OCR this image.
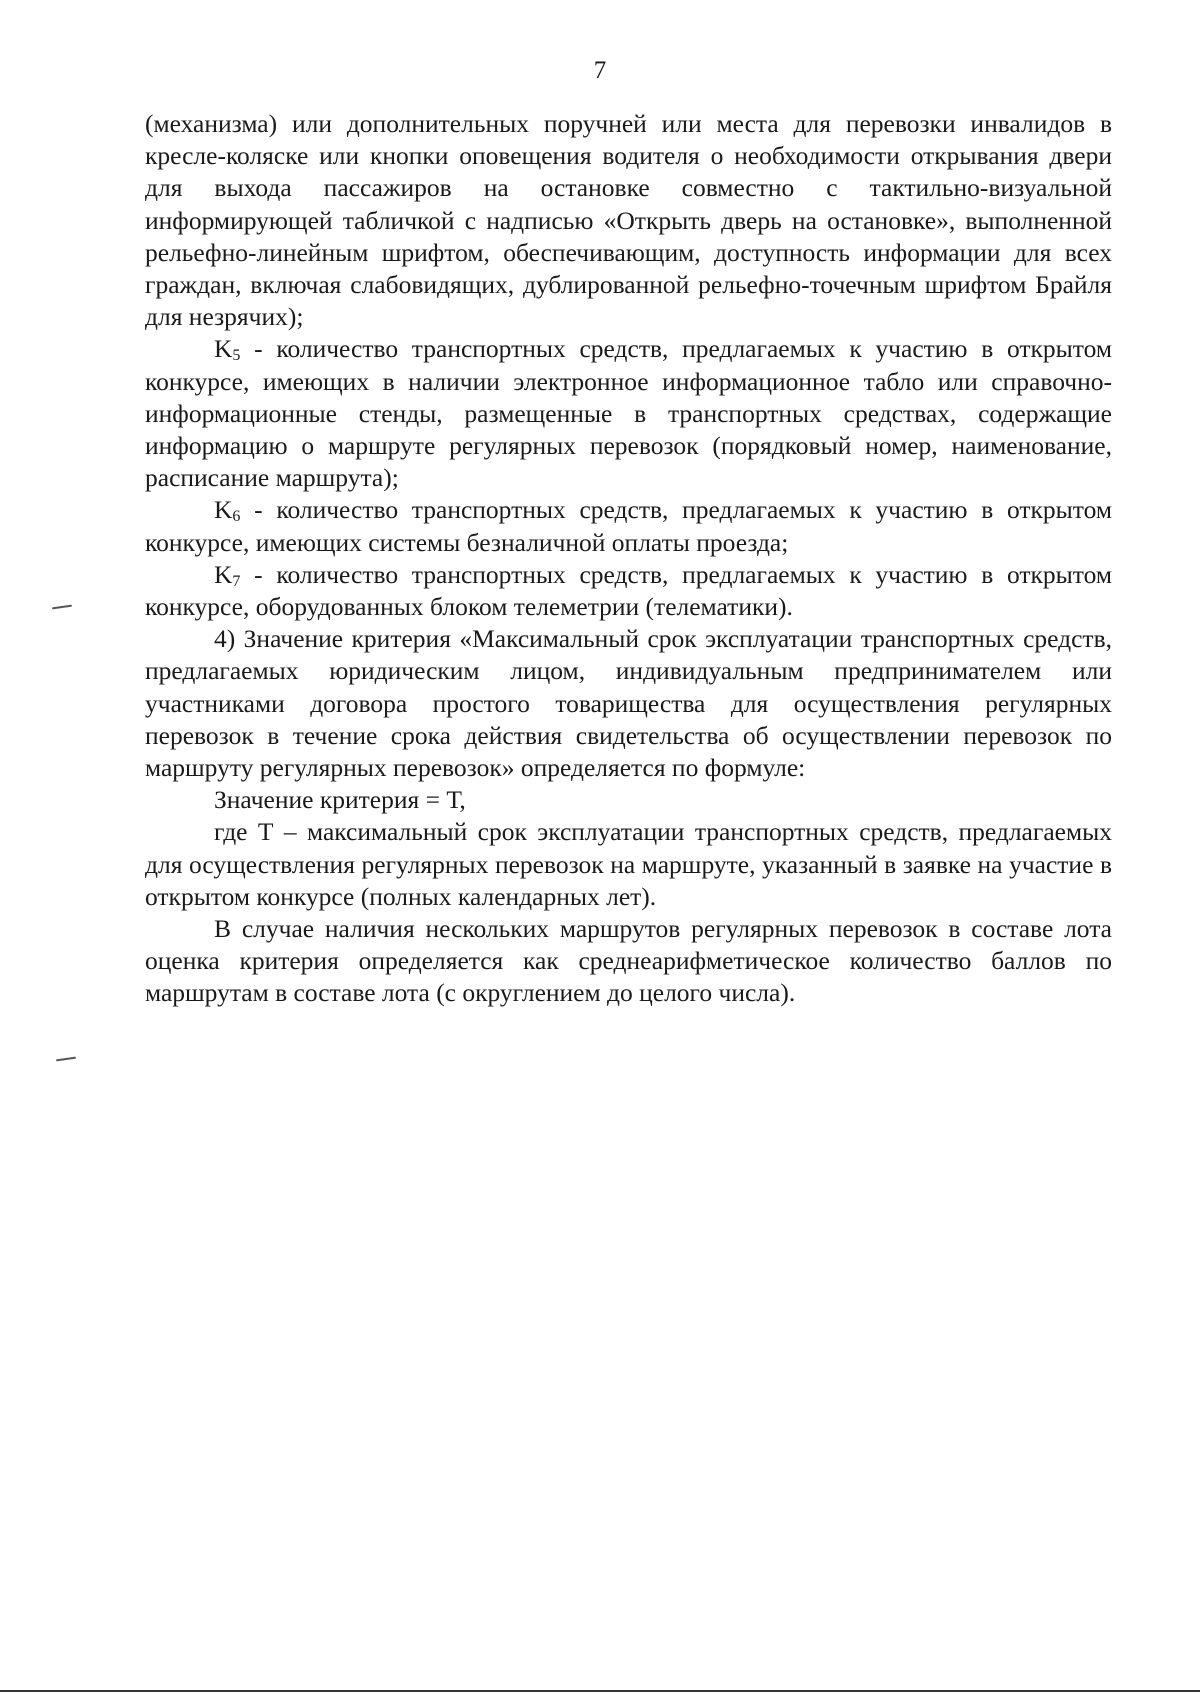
7

(механизма) или дополнительных поручней или места для перевозки инвалидов в кресле-коляске или кнопки оповещения водителя о необходимости открывания двери для выхода пассажиров на остановке совместно с тактильно-визуальной информирующей табличкой с надписью «Открыть дверь на остановке», выполненной рельефно-линейным шрифтом, обеспечивающим, доступность информации для всех граждан, включая слабовидящих, дублированной рельефно-точечным шрифтом Брайля для незрячих);

$K_5$ - количество транспортных средств, предлагаемых к участию в открытом конкурсе, имеющих в наличии электронное информационное табло или справочно-информационные стенды, размещенные в транспортных средствах, содержащие информацию о маршруте регулярных перевозок (порядковый номер, наименование, расписание маршрута);

$K_6$ - количество транспортных средств, предлагаемых к участию в открытом конкурсе, имеющих системы безналичной оплаты проезда;

$K_7$ - количество транспортных средств, предлагаемых к участию в открытом конкурсе, оборудованных блоком телеметрии (телематики).

4) Значение критерия «Максимальный срок эксплуатации транспортных средств, предлагаемых юридическим лицом, индивидуальным предпринимателем или участниками договора простого товарищества для осуществления регулярных перевозок в течение срока действия свидетельства об осуществлении перевозок по маршруту регулярных перевозок» определяется по формуле:

Значение критерия = Т,

где Т – максимальный срок эксплуатации транспортных средств, предлагаемых для осуществления регулярных перевозок на маршруте, указанный в заявке на участие в открытом конкурсе (полных календарных лет).

В случае наличия нескольких маршрутов регулярных перевозок в составе лота оценка критерия определяется как среднеарифметическое количество баллов по маршрутам в составе лота (с округлением до целого числа).
